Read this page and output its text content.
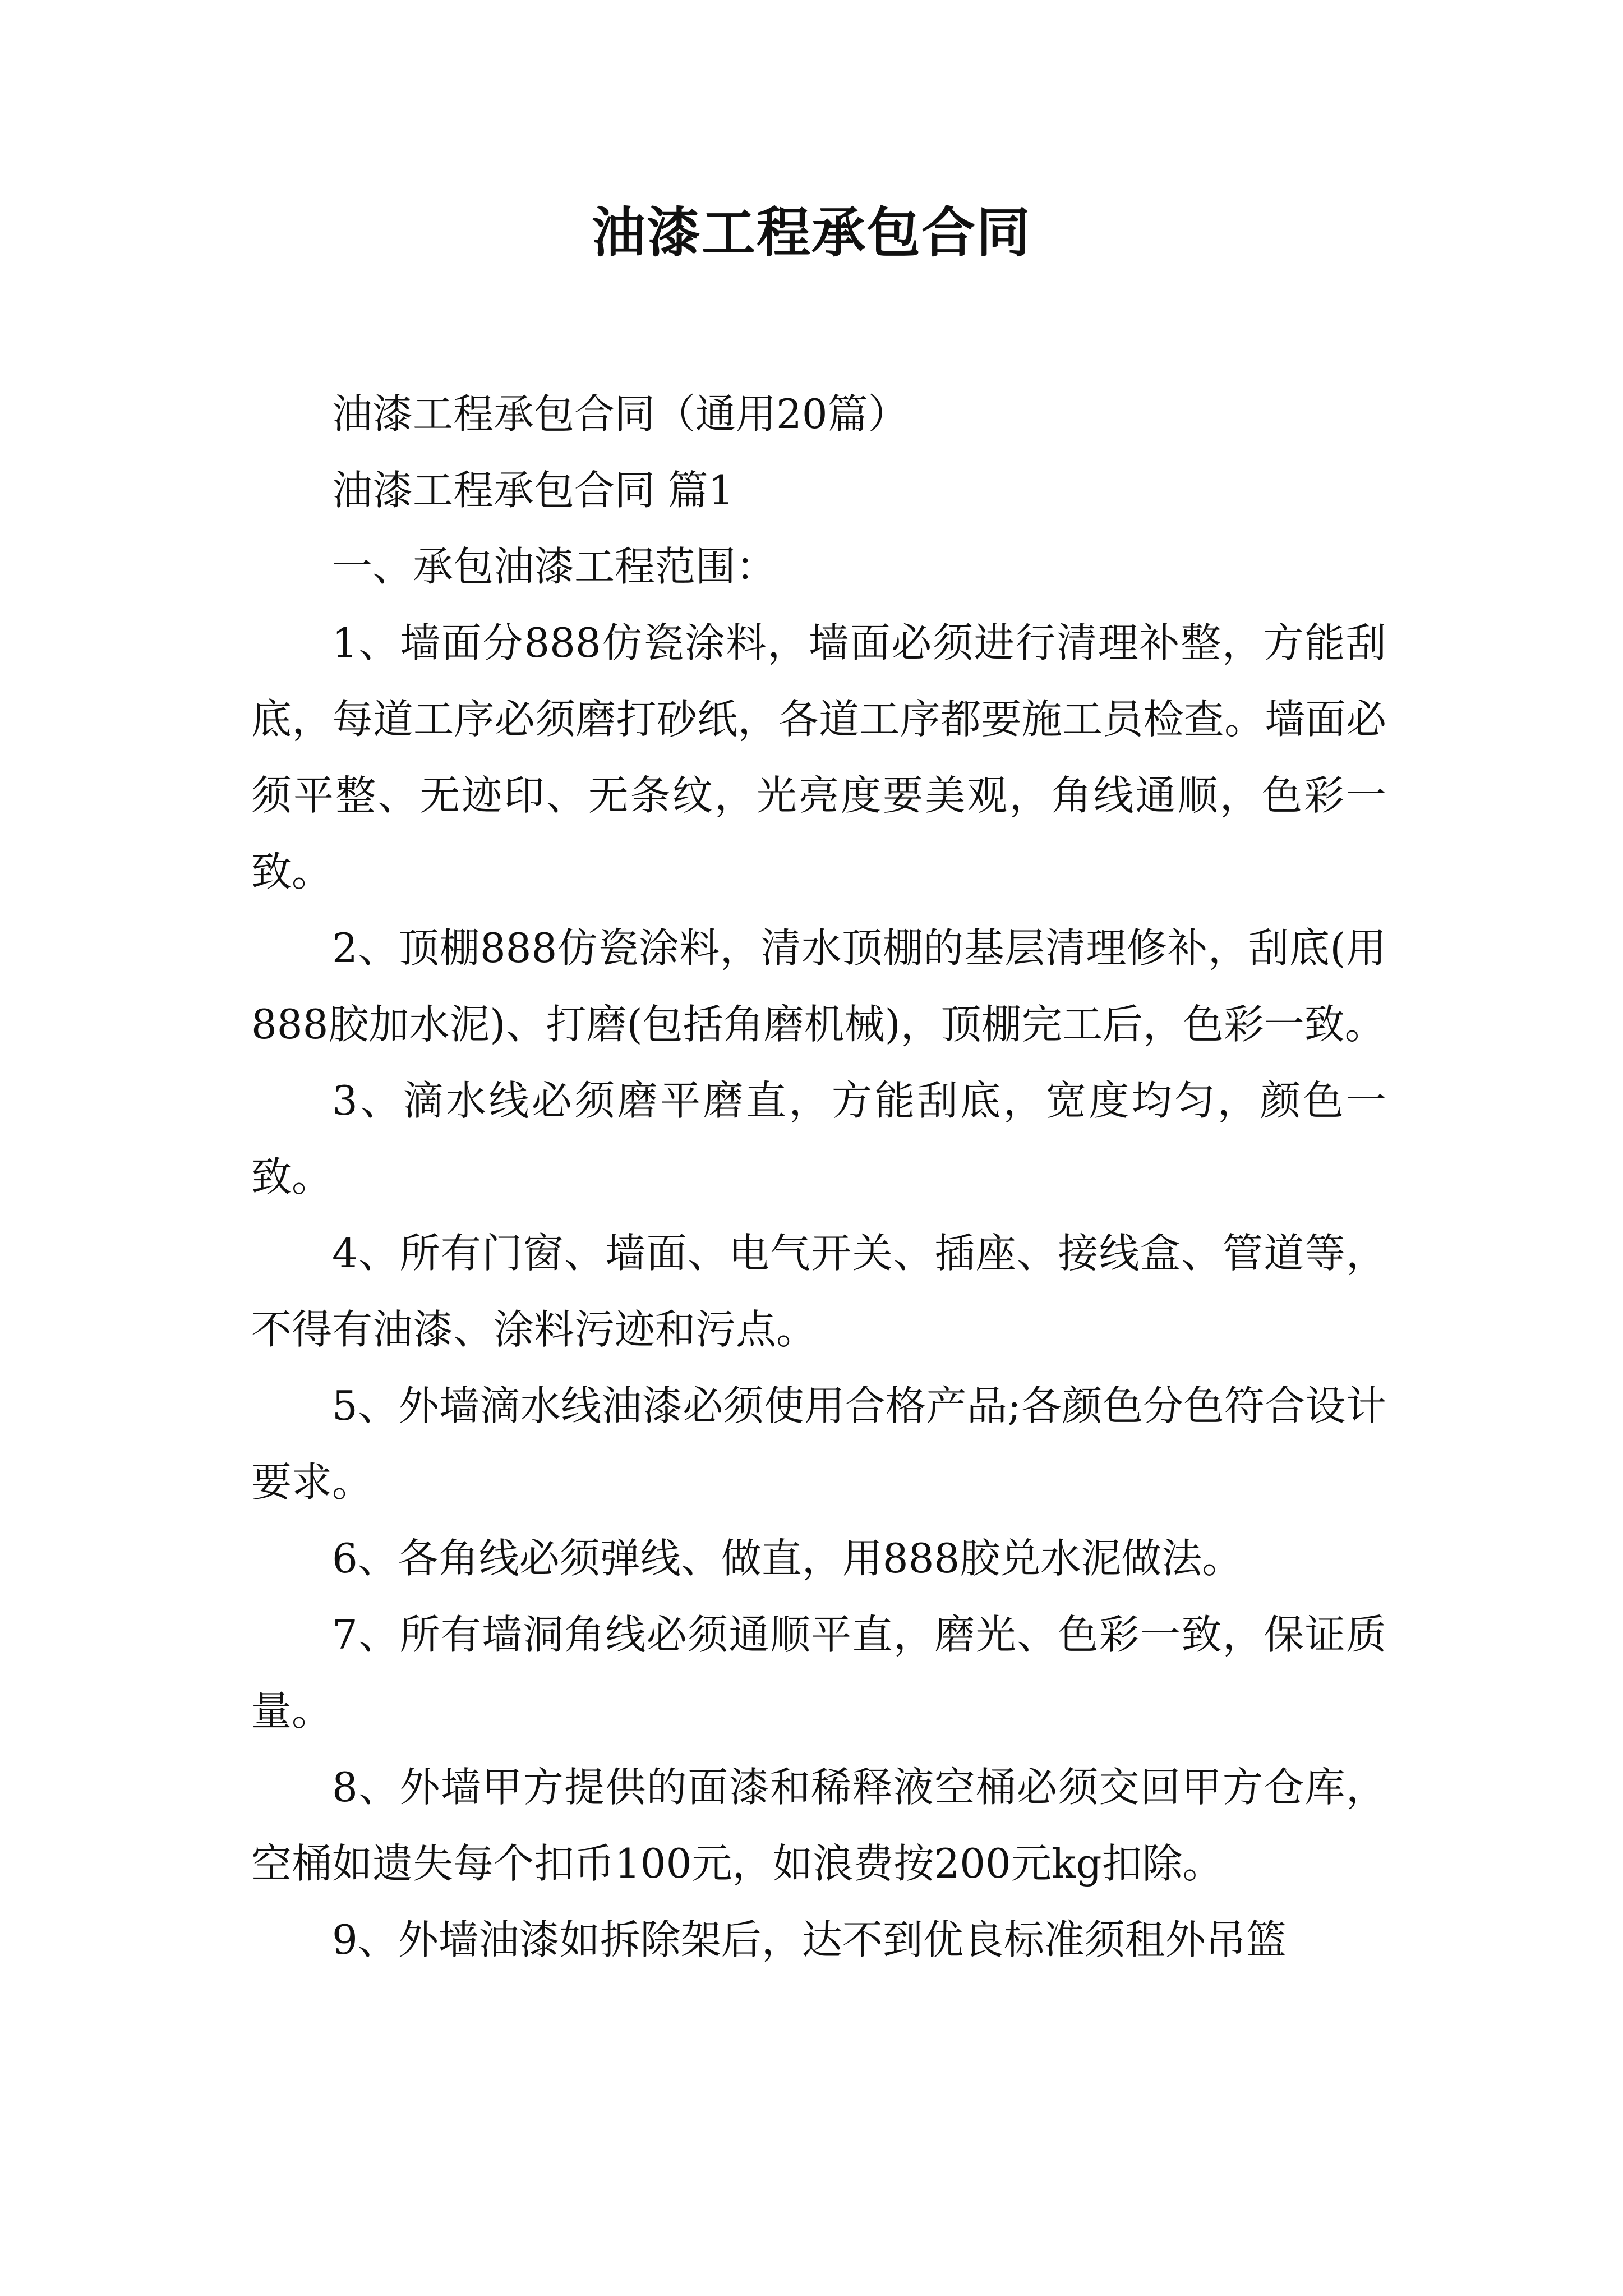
油漆工程承包合同

油漆工程承包合同（通用20篇）

油漆工程承包合同 篇1

一、承包油漆工程范围：

1、墙面分888仿瓷涂料，墙面必须进行清理补整，方能刮底，每道工序必须磨打砂纸，各道工序都要施工员检查。墙面必须平整、无迹印、无条纹，光亮度要美观，角线通顺，色彩一致。

2、顶棚888仿瓷涂料，清水顶棚的基层清理修补，刮底(用888胶加水泥)、打磨(包括角磨机械)，顶棚完工后，色彩一致。

3、滴水线必须磨平磨直，方能刮底，宽度均匀，颜色一致。

4、所有门窗、墙面、电气开关、插座、接线盒、管道等，不得有油漆、涂料污迹和污点。

5、外墙滴水线油漆必须使用合格产品;各颜色分色符合设计要求。

6、各角线必须弹线、做直，用888胶兑水泥做法。

7、所有墙洞角线必须通顺平直，磨光、色彩一致，保证质量。

8、外墙甲方提供的面漆和稀释液空桶必须交回甲方仓库，空桶如遗失每个扣币100元，如浪费按200元kg扣除。

9、外墙油漆如拆除架后，达不到优良标准须租外吊篮
